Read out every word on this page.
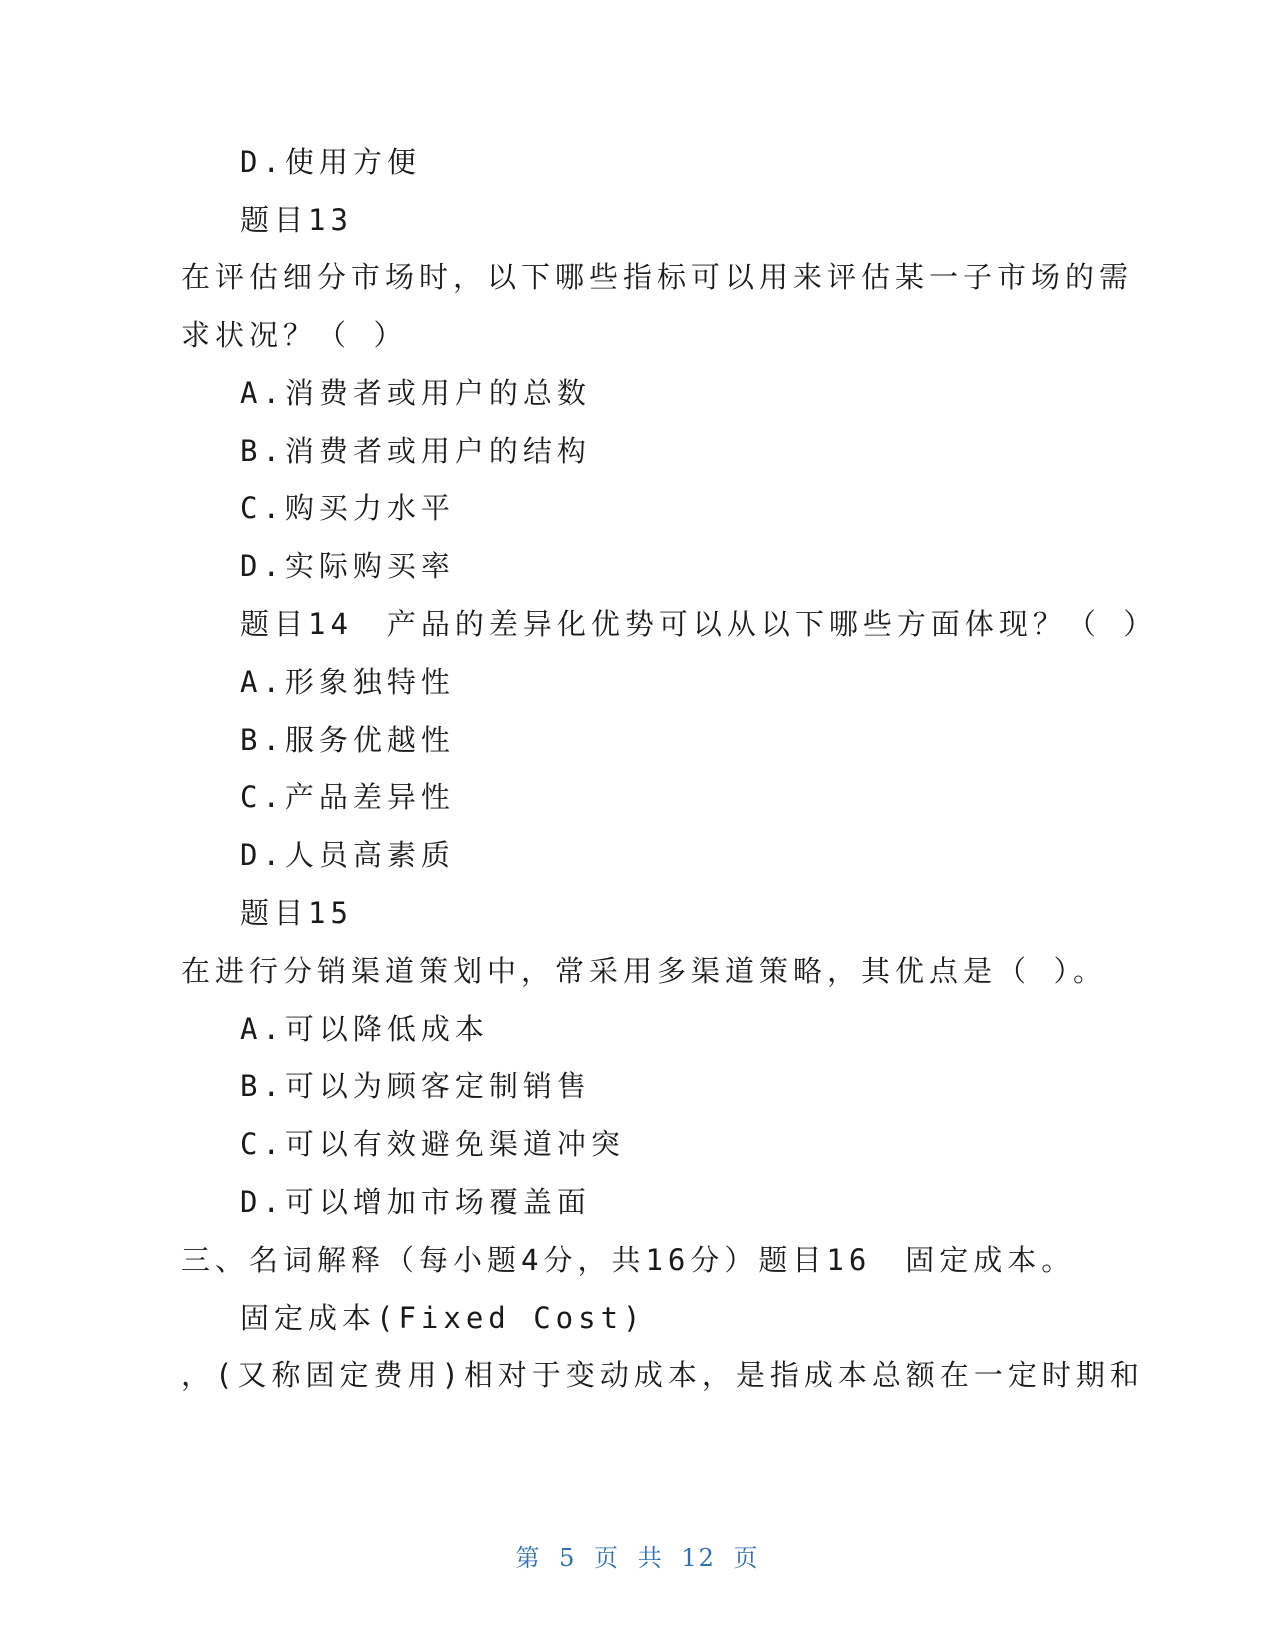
D.使用方便
题目13
在评估细分市场时，以下哪些指标可以用来评估某一子市场的需
求状况？（ ）
A.消费者或用户的总数
B.消费者或用户的结构
C.购买力水平
D.实际购买率
题目14　产品的差异化优势可以从以下哪些方面体现？（ ）
A.形象独特性
B.服务优越性
C.产品差异性
D.人员高素质
题目15
在进行分销渠道策划中，常采用多渠道策略，其优点是（ ）。
A.可以降低成本
B.可以为顾客定制销售
C.可以有效避免渠道冲突
D.可以增加市场覆盖面
三、名词解释（每小题4分，共16分）题目16　固定成本。
固定成本(Fixed Cost)
，(又称固定费用)相对于变动成本，是指成本总额在一定时期和
第 5 页 共 12 页
